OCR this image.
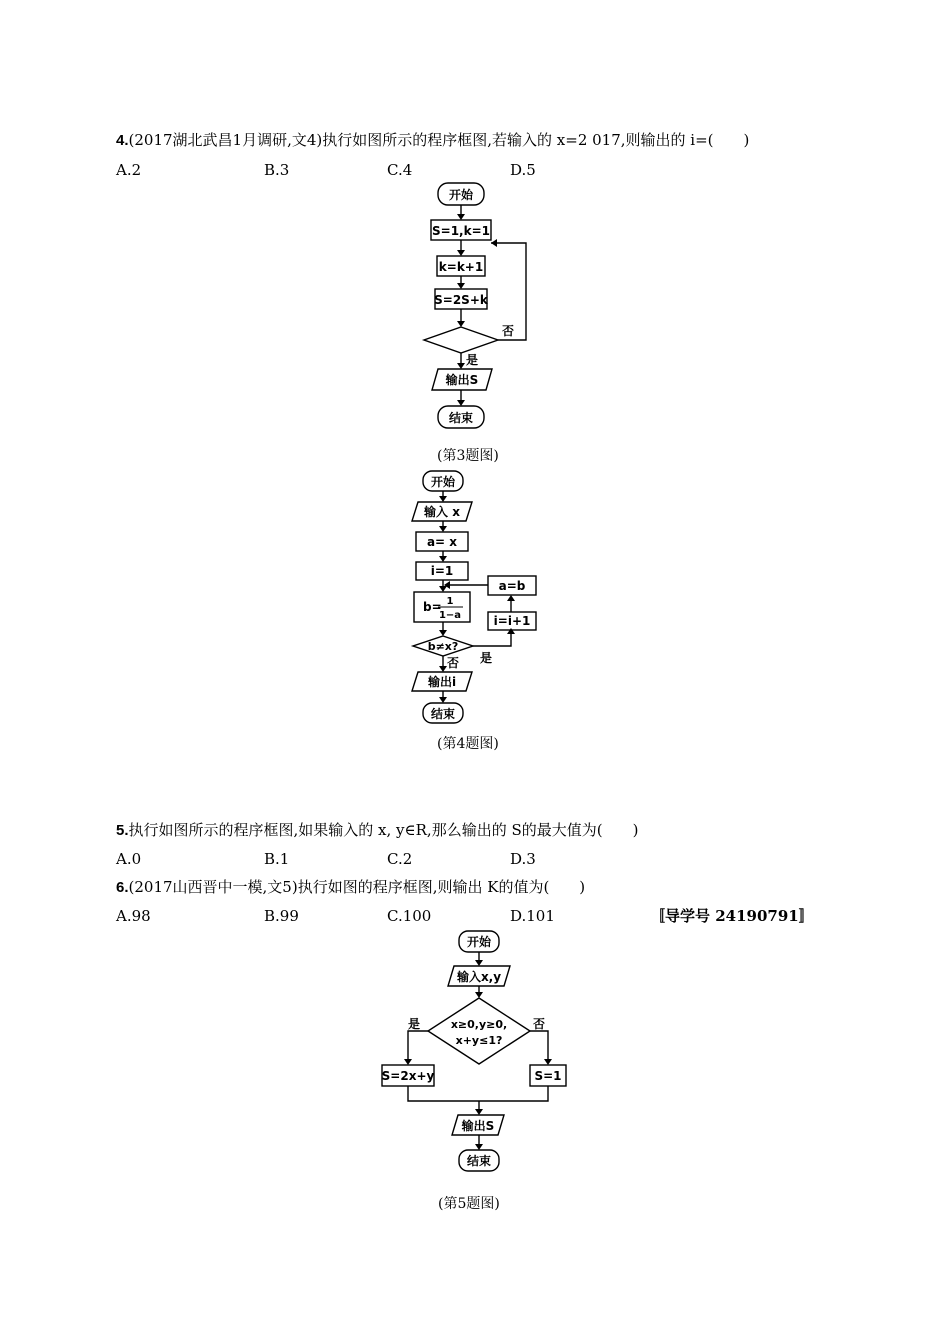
4.(2017湖北武昌1月调研,文4)执行如图所示的程序框图,若输入的 x=2 017,则输出的 i=(　　)
A.2	B.3	C.4	D.5
开始
S=1,k=1
k=k+1
S=2S+k
否
是
输出S
结束
(第3题图)
开始
输入 x
a= x
i=1
b= 1
1−a
b≠x?
是
i=i+1
a=b
否
输出i
结束
(第4题图)
5.执行如图所示的程序框图,如果输入的 x, y∈R,那么输出的 S的最大值为(　　)
A.0	B.1	C.2	D.3
6.(2017山西晋中一模,文5)执行如图的程序框图,则输出 K的值为(　　)
A.98	B.99	C.100	D.101	〚导学号 24190791〛
开始
输入x,y
x≥0,y≥0,
x+y≤1?
是	否
S=2x+y	S=1
输出S
结束
(第5题图)
